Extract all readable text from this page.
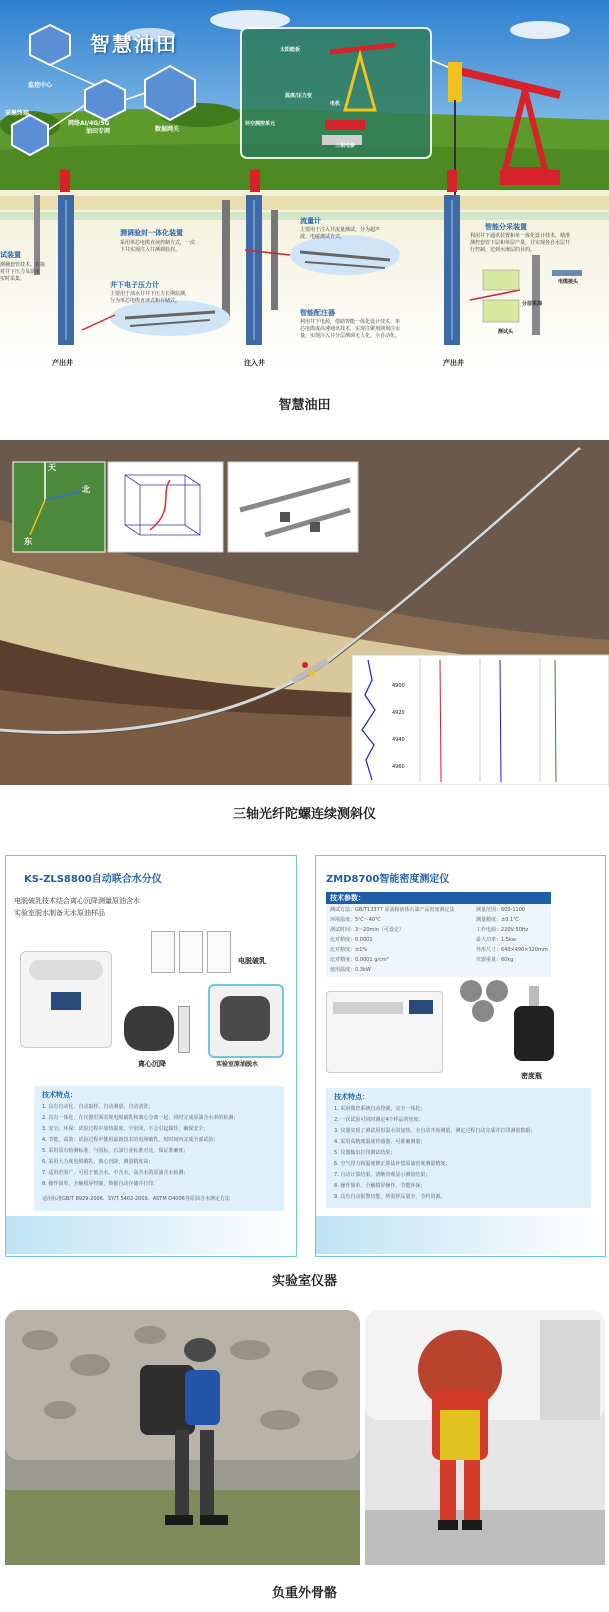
智慧油田
监控中心
采集终端
网络AI/4G/5G
油田专网	数据网关
太阳能板
温度/压力变
电机
环空测控单元
三相电参
试装置
测桶套管技术，对接
对井下压力及温度
实时采集。
测调验封一体化装置
采用单芯电缆直读控制方式，一次
下井实现注入井测调验封。
井下电子压力计
主要用于油水井井下压力长期监测，
分为单芯电缆直读式和存储式。
流量计
主要用于注入井流量测试，分为超声
波、电磁测试方式。
智能配注器
利用井下电源，借助智能一体化设计技术，单
芯电缆或高速通讯技术，实现注聚剂调剂注水
量，实现注入井分层测调无人化、全自动化。
智能分采装置
利用井下通讯装置和单一体化设计技术，精准
测控套管下层和单层产量，并实现各自水层开
行控制，达到水淹层的目的。
电缆接头
分层采油
测试头
产出井	注入井	产出井
智慧油田
天
北
东
4900
4920
4940
4960
三轴光纤陀螺连续测斜仪
KS-ZLS8800自动联合水分仪
电脱破乳技术结合离心沉降测量原油含水
实验室脱水制备无水原油样品
电脱破乳
离心沉降	实验室原油脱水
技术特点：
1. 具有自动化、自动取样、自动测量、自动清洗；
2. 具有一体化，在仪器里面实现电脱破乳和离心分离一起，同时完成原油含水率的检测；
3. 安全、环保：试验过程中加热温度，全密闭，不会引起爆炸，确保安全；
4. 节能、高效：试验过程中使用最新技术的电场破乳，短时间内完成全部试验；
5. 采用原有检测标准，与国标，石油行业标准对比，保证准确度；
6. 采用大力度电脱破乳、离心沉降，测量精度高；
7. 适用范围广，可用于低含水、中含水、高含水的原油含水检测；
8. 操作简单，全触摸屏控制，数据自动存储并打印。
适用标准GB/T 8929-2006、SY/T 5402-2009、ASTM D4006等原油含水测定方法
ZMD8700智能密度测定仪
技术参数：
测试方法：GB/T13377 原油和液体石油产品密度测定法	测量范围：600-1100
环境温度：5℃～40℃	测量精度：±0.1℃
测试时间：3～20min（可设定）	工作电源：220V 50Hz
比对精度：0.0001	最大功率：1.5kw
比对精度：±1%	外形尺寸：640×490×320mm
比对精度：0.0001 g/cm³	仪器重量：60kg
使用温度：0.3kW
密度瓶
技术特点：
1. 采用微控系统自动控制，完全一体化；
2. 一次试验可同时测定4个样品的密度；
3. 仪器实现了测试用恒温水浴加热，全自动开始测量，测定过程自动完成并打印测量数据；
4. 采用高精度温度传感器，可准确测量；
5. 仪器输出打印测试结果；
6. 空气浮力和温度修正算法补偿原油密度测量精度；
7. 自动计算结果，清晰直观显示测量结果；
8. 操作简单，全触摸屏操作，节能环保；
9. 具有自动报警功能，所需样品量少，节约资源。
实验室仪器
负重外骨骼
